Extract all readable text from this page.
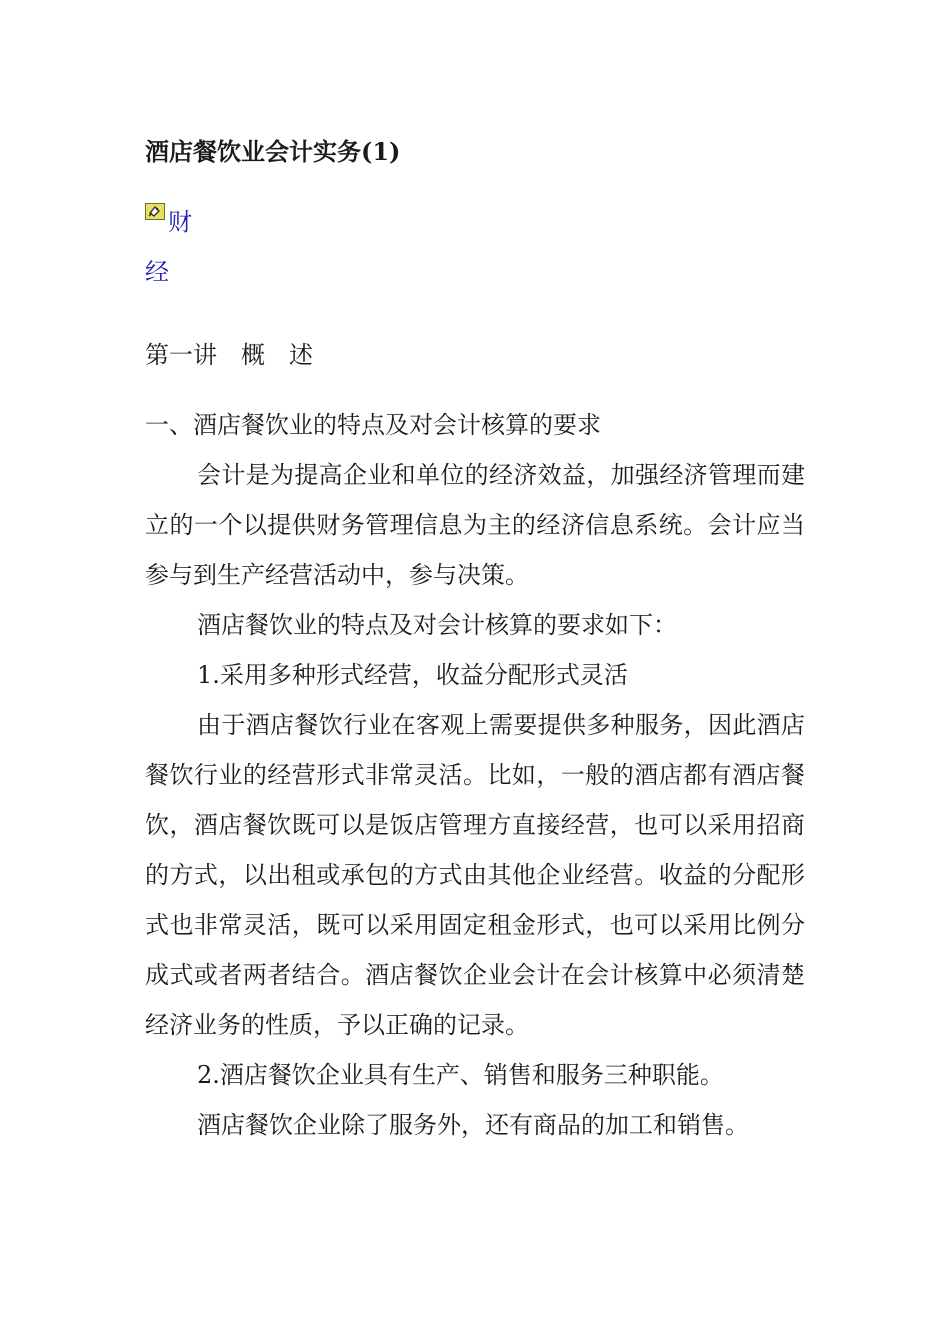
酒店餐饮业会计实务(1)
财
经

第一讲　概　述

一、酒店餐饮业的特点及对会计核算的要求

会计是为提高企业和单位的经济效益，加强经济管理而建立的一个以提供财务管理信息为主的经济信息系统。会计应当参与到生产经营活动中，参与决策。

酒店餐饮业的特点及对会计核算的要求如下：

1.采用多种形式经营，收益分配形式灵活

由于酒店餐饮行业在客观上需要提供多种服务，因此酒店餐饮行业的经营形式非常灵活。比如，一般的酒店都有酒店餐饮，酒店餐饮既可以是饭店管理方直接经营，也可以采用招商的方式，以出租或承包的方式由其他企业经营。收益的分配形式也非常灵活，既可以采用固定租金形式，也可以采用比例分成式或者两者结合。酒店餐饮企业会计在会计核算中必须清楚经济业务的性质，予以正确的记录。

2.酒店餐饮企业具有生产、销售和服务三种职能。

酒店餐饮企业除了服务外，还有商品的加工和销售。
